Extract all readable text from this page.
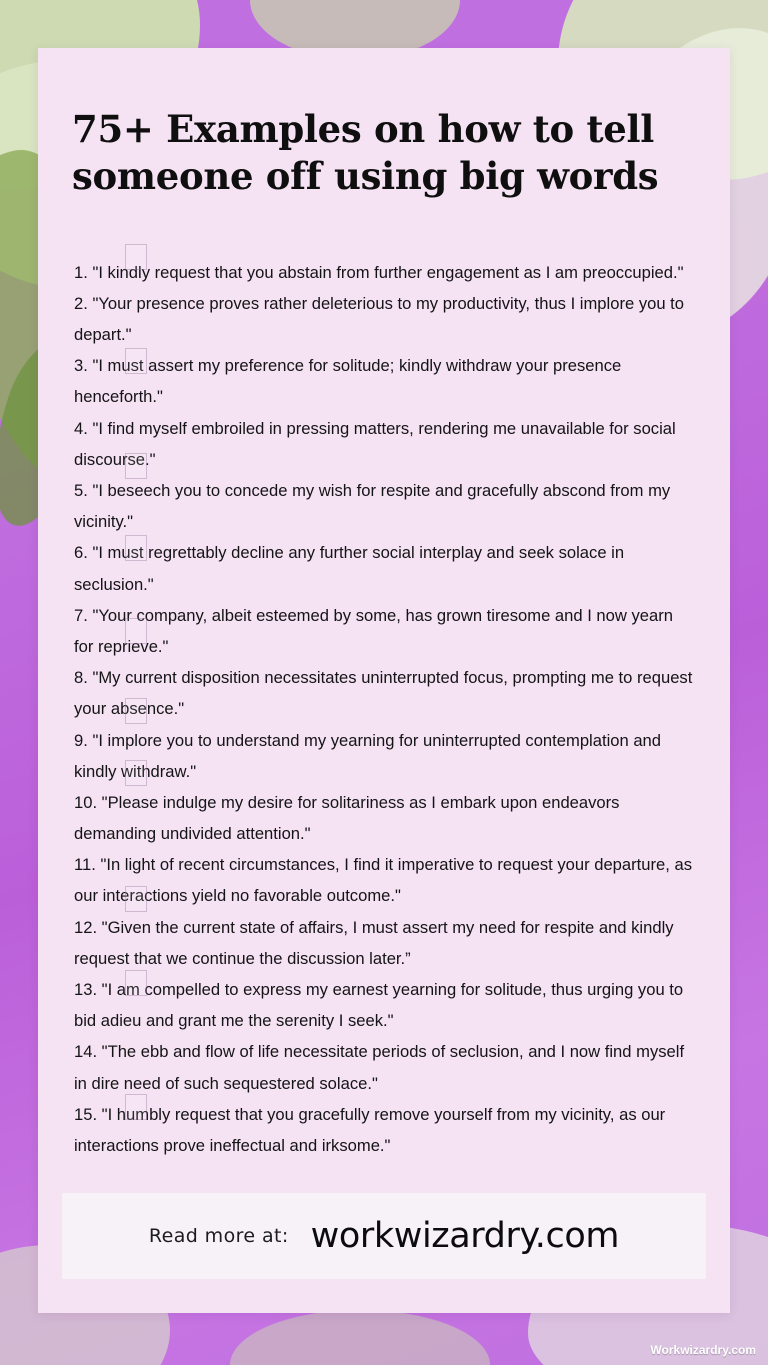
75+ Examples on how to tell someone off using big words
1. "I kindly request that you abstain from further engagement as I am preoccupied."
2. "Your presence proves rather deleterious to my productivity, thus I implore you to depart."
3. "I must assert my preference for solitude; kindly withdraw your presence henceforth."
4. "I find myself embroiled in pressing matters, rendering me unavailable for social discourse."
5. "I beseech you to concede my wish for respite and gracefully abscond from my vicinity."
6. "I must regrettably decline any further social interplay and seek solace in seclusion."
7. "Your company, albeit esteemed by some, has grown tiresome and I now yearn for reprieve."
8. "My current disposition necessitates uninterrupted focus, prompting me to request your absence."
9. "I implore you to understand my yearning for uninterrupted contemplation and kindly withdraw."
10. "Please indulge my desire for solitariness as I embark upon endeavors demanding undivided attention."
11. "In light of recent circumstances, I find it imperative to request your departure, as our interactions yield no favorable outcome."
12. "Given the current state of affairs, I must assert my need for respite and kindly request that we continue the discussion later.”
13. "I am compelled to express my earnest yearning for solitude, thus urging you to bid adieu and grant me the serenity I seek."
14. "The ebb and flow of life necessitate periods of seclusion, and I now find myself in dire need of such sequestered solace."
15. "I humbly request that you gracefully remove yourself from my vicinity, as our interactions prove ineffectual and irksome."
Read more at: workwizardry.com
Workwizardry.com
